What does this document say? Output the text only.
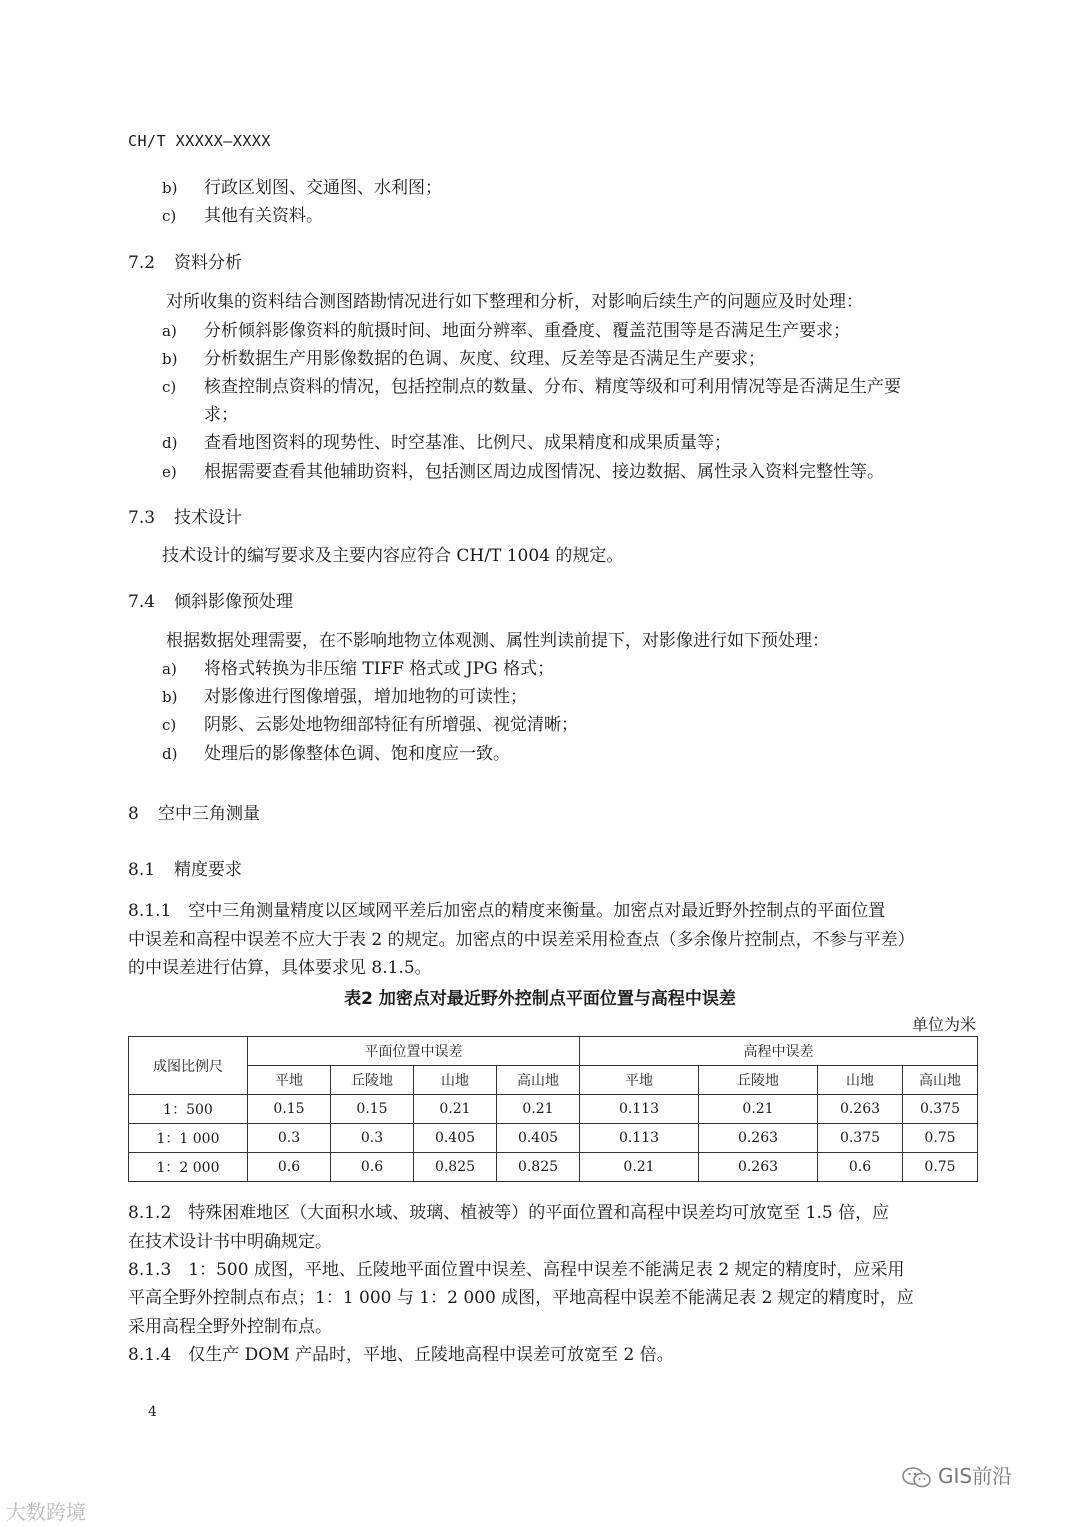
CH/T XXXXX—XXXX
b) 行政区划图、交通图、水利图；
c) 其他有关资料。
7.2 资料分析
对所收集的资料结合测图踏勘情况进行如下整理和分析，对影响后续生产的问题应及时处理：
a) 分析倾斜影像资料的航摄时间、地面分辨率、重叠度、覆盖范围等是否满足生产要求；
b) 分析数据生产用影像数据的色调、灰度、纹理、反差等是否满足生产要求；
c) 核查控制点资料的情况，包括控制点的数量、分布、精度等级和可利用情况等是否满足生产要
求；
d) 查看地图资料的现势性、时空基准、比例尺、成果精度和成果质量等；
e) 根据需要查看其他辅助资料，包括测区周边成图情况、接边数据、属性录入资料完整性等。
7.3 技术设计
技术设计的编写要求及主要内容应符合 CH/T 1004 的规定。
7.4 倾斜影像预处理
根据数据处理需要，在不影响地物立体观测、属性判读前提下，对影像进行如下预处理：
a) 将格式转换为非压缩 TIFF 格式或 JPG 格式；
b) 对影像进行图像增强，增加地物的可读性；
c) 阴影、云影处地物细部特征有所增强、视觉清晰；
d) 处理后的影像整体色调、饱和度应一致。
8 空中三角测量
8.1 精度要求
8.1.1　空中三角测量精度以区域网平差后加密点的精度来衡量。加密点对最近野外控制点的平面位置
中误差和高程中误差不应大于表 2 的规定。加密点的中误差采用检查点（多余像片控制点，不参与平差）
的中误差进行估算，具体要求见 8.1.5。
表2 加密点对最近野外控制点平面位置与高程中误差
单位为米
成图比例尺	平面位置中误差				高程中误差			
	平地	丘陵地	山地	高山地	平地	丘陵地	山地	高山地
1：500	0.15	0.15	0.21	0.21	0.113	0.21	0.263	0.375
1：1 000	0.3	0.3	0.405	0.405	0.113	0.263	0.375	0.75
1：2 000	0.6	0.6	0.825	0.825	0.21	0.263	0.6	0.75
8.1.2　特殊困难地区（大面积水域、玻璃、植被等）的平面位置和高程中误差均可放宽至 1.5 倍，应
在技术设计书中明确规定。
8.1.3　1：500 成图，平地、丘陵地平面位置中误差、高程中误差不能满足表 2 规定的精度时，应采用
平高全野外控制点布点；1：1 000 与 1：2 000 成图，平地高程中误差不能满足表 2 规定的精度时，应
采用高程全野外控制布点。
8.1.4　仅生产 DOM 产品时，平地、丘陵地高程中误差可放宽至 2 倍。
4
大数跨境
GIS前沿
